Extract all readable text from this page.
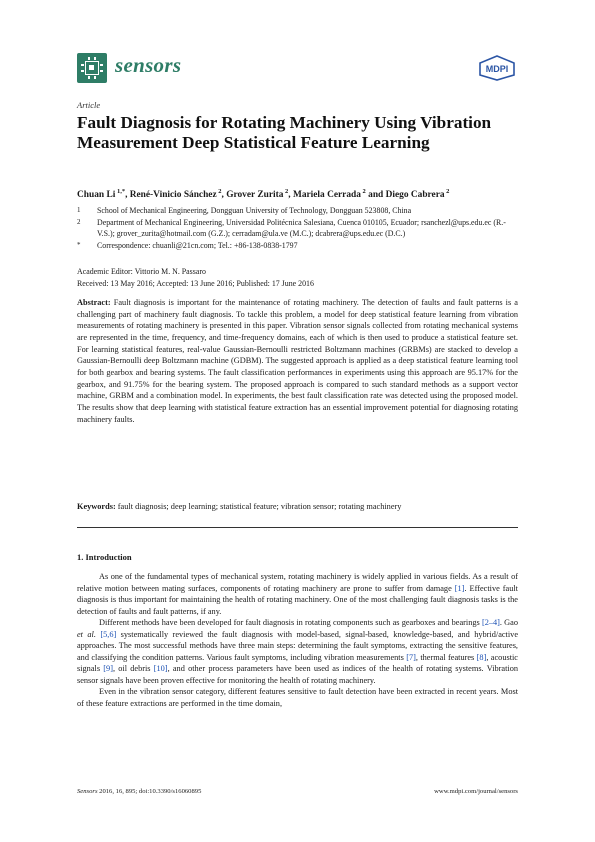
sensors	MDPI
Article
Fault Diagnosis for Rotating Machinery Using Vibration Measurement Deep Statistical Feature Learning
Chuan Li $^{1,*}$, René-Vinicio Sánchez $^2$, Grover Zurita $^2$, Mariela Cerrada $^2$ and Diego Cabrera $^2$
1	School of Mechanical Engineering, Dongguan University of Technology, Dongguan 523808, China
2	Department of Mechanical Engineering, Universidad Politécnica Salesiana, Cuenca 010105, Ecuador; rsanchezl@ups.edu.ec (R.-V.S.); grover_zurita@hotmail.com (G.Z.); cerradam@ula.ve (M.C.); dcabrera@ups.edu.ec (D.C.)
*	Correspondence: chuanli@21cn.com; Tel.: +86-138-0838-1797
Academic Editor: Vittorio M. N. Passaro
Received: 13 May 2016; Accepted: 13 June 2016; Published: 17 June 2016
Abstract: Fault diagnosis is important for the maintenance of rotating machinery. The detection of faults and fault patterns is a challenging part of machinery fault diagnosis. To tackle this problem, a model for deep statistical feature learning from vibration measurements of rotating machinery is presented in this paper. Vibration sensor signals collected from rotating mechanical systems are represented in the time, frequency, and time-frequency domains, each of which is then used to produce a statistical feature set. For learning statistical features, real-value Gaussian-Bernoulli restricted Boltzmann machines (GRBMs) are stacked to develop a Gaussian-Bernoulli deep Boltzmann machine (GDBM). The suggested approach is applied as a deep statistical feature learning tool for both gearbox and bearing systems. The fault classification performances in experiments using this approach are 95.17% for the gearbox, and 91.75% for the bearing system. The proposed approach is compared to such standard methods as a support vector machine, GRBM and a combination model. In experiments, the best fault classification rate was detected using the proposed model. The results show that deep learning with statistical feature extraction has an essential improvement potential for diagnosing rotating machinery faults.
Keywords: fault diagnosis; deep learning; statistical feature; vibration sensor; rotating machinery
1. Introduction

As one of the fundamental types of mechanical system, rotating machinery is widely applied in various fields. As a result of relative motion between mating surfaces, components of rotating machinery are prone to suffer from damage [1]. Effective fault diagnosis is thus important for maintaining the health of rotating machinery. One of the most challenging fault diagnosis tasks is the detection of faults and fault patterns, if any.

Different methods have been developed for fault diagnosis in rotating components such as gearboxes and bearings [2–4]. Gao et al. [5,6] systematically reviewed the fault diagnosis with model-based, signal-based, knowledge-based, and hybrid/active approaches. The most successful methods have three main steps: determining the fault symptoms, extracting the sensitive features, and classifying the condition patterns. Various fault symptoms, including vibration measurements [7], thermal features [8], acoustic signals [9], oil debris [10], and other process parameters have been used as indices of the health of rotating systems. Vibration sensor signals have been proven effective for monitoring the health of rotating machinery.

Even in the vibration sensor category, different features sensitive to fault detection have been extracted in recent years. Most of these feature extractions are performed in the time domain,

Sensors 2016, 16, 895; doi:10.3390/s16060895	www.mdpi.com/journal/sensors
